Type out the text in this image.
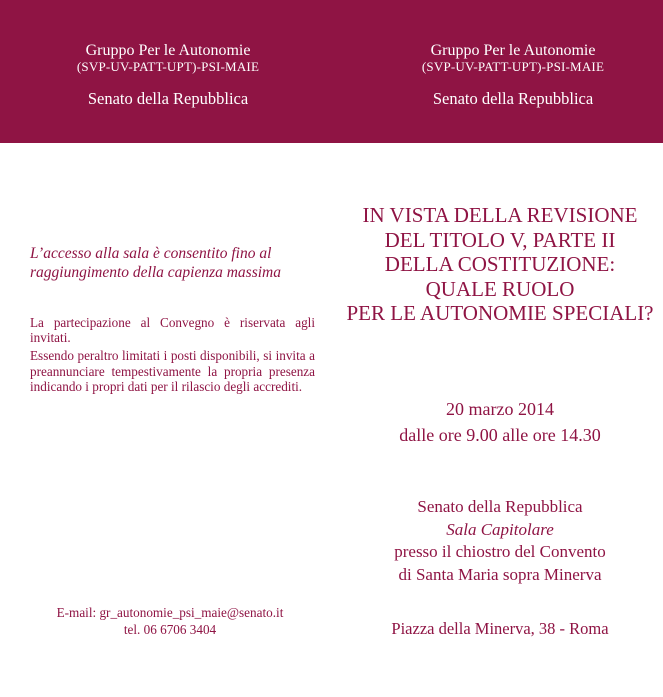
Gruppo Per le Autonomie
(SVP-UV-PATT-UPT)-PSI-MAIE
Senato della Repubblica
Gruppo Per le Autonomie
(SVP-UV-PATT-UPT)-PSI-MAIE
Senato della Repubblica
L’accesso alla sala è consentito fino al raggiungimento della capienza massima

La partecipazione al Convegno è riservata agli invitati.

Essendo peraltro limitati i posti disponibili, si invita a preannunciare tempestivamente la propria presenza indicando i propri dati per il rilascio degli accrediti.

E-mail: gr_autonomie_psi_maie@senato.it
tel. 06 6706 3404
IN VISTA DELLA REVISIONE
DEL TITOLO V, PARTE II
DELLA COSTITUZIONE:
QUALE RUOLO
PER LE AUTONOMIE SPECIALI?
20 marzo 2014
dalle ore 9.00 alle ore 14.30
Senato della Repubblica
Sala Capitolare
presso il chiostro del Convento
di Santa Maria sopra Minerva
Piazza della Minerva, 38 - Roma
